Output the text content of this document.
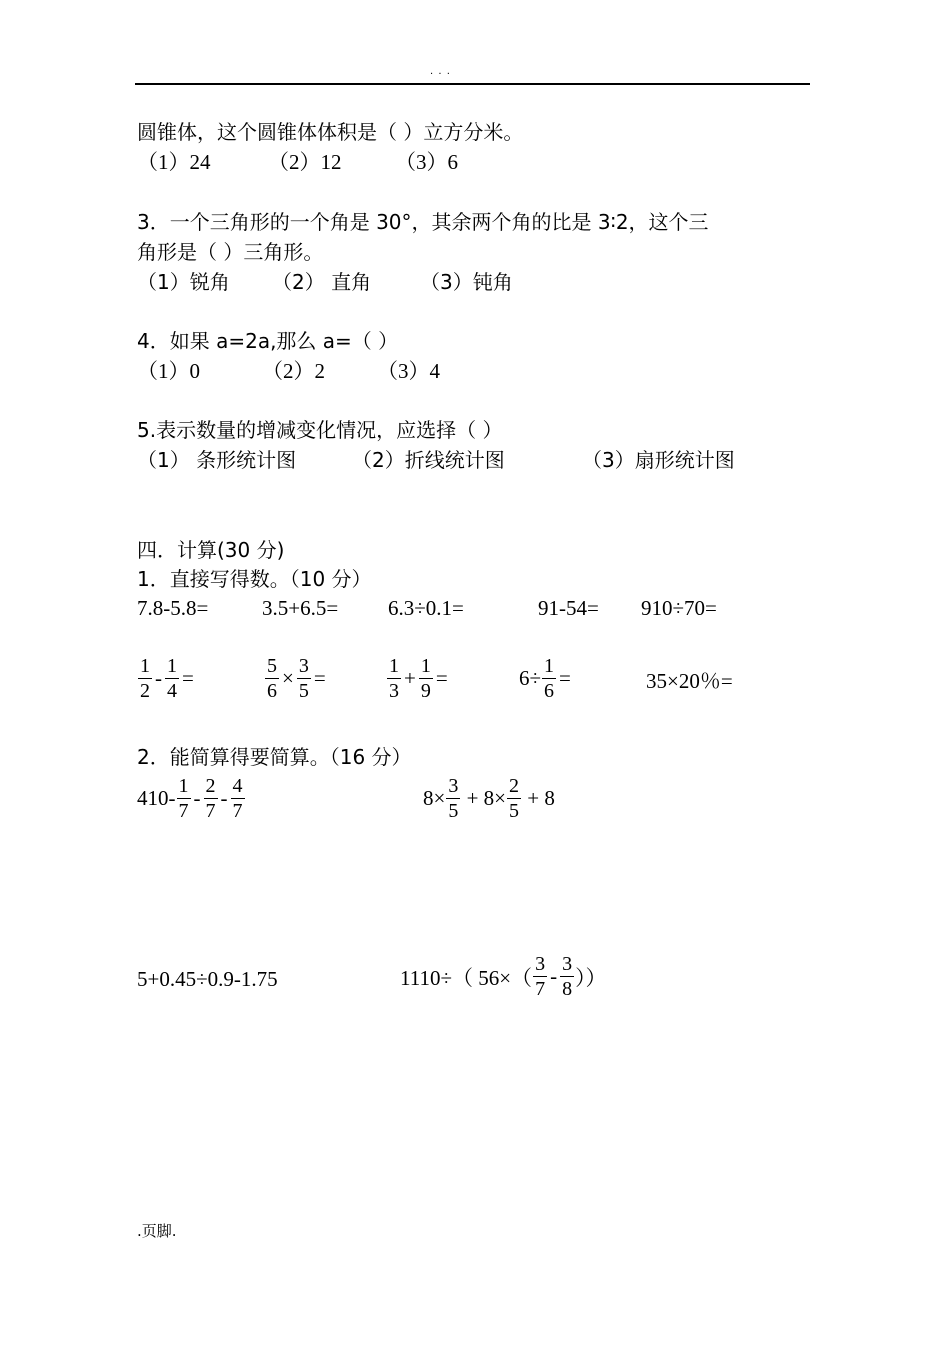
. . .
圆锥体，这个圆锥体体积是（ ）立方分米。
（1）24	（2）12	（3）6
3．一个三角形的一个角是 30°，其余两个角的比是 3∶2，这个三
角形是（ ）三角形。
（1）锐角 （2） 直角 （3）钝角
4．如果 a=2a,那么 a=（ ）
（1）0	（2）2 （3）4
5.表示数量的增减变化情况，应选择（ ）
（1） 条形统计图	（2）折线统计图	（3）扇形统计图
四．计算(30 分)
1．直接写得数。（10 分）
7.8-5.8=	3.5+6.5= 6.3÷0.1=	91-54= 910÷70=
$\frac{1}{2} - \frac{1}{4}$ =	$\frac{5}{6} \times \frac{3}{5}$ =	$\frac{1}{3} + \frac{1}{9}$ =	$6\div \frac{1}{6}$ =	35×20％=
2．能简算得要简算。（16 分）
$410- \frac{1}{7} - \frac{2}{7} - \frac{4}{7}$	$8\times \frac{3}{5} + 8\times \frac{2}{5} + 8$
5+0.45÷0.9-1.75	1110÷（ $56\times( \frac{3}{7} - \frac{3}{8}$ ））
.页脚.
